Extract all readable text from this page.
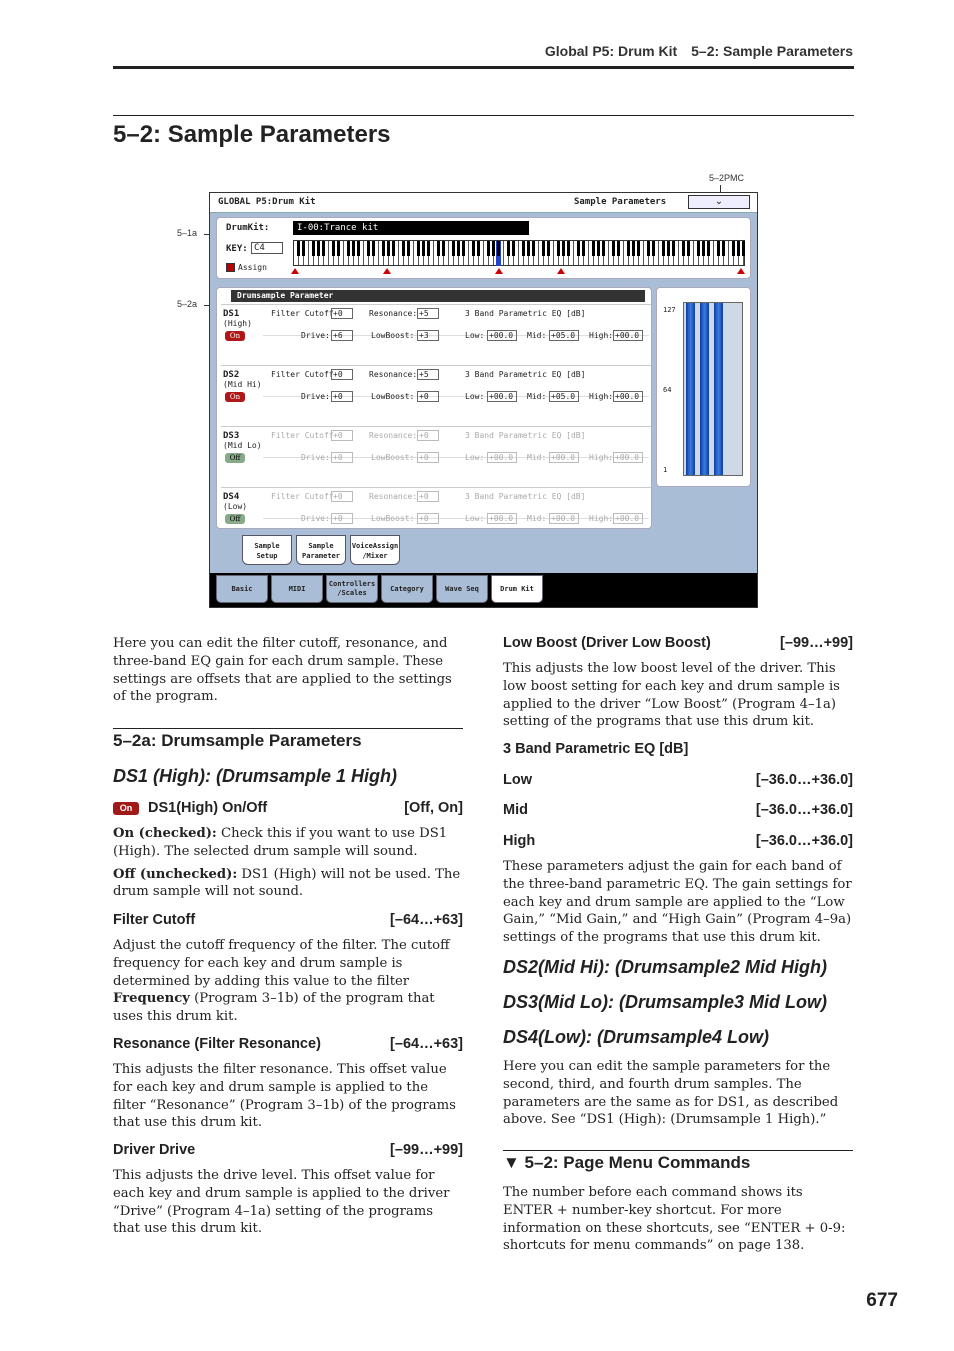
Global P5: Drum Kit 5–2: Sample Parameters
5–2: Sample Parameters
5–2PMC
5–1a
5–2a
GLOBAL P5:Drum Kit	Sample Parameters	⌄
DrumKit:	I-00:Trance kit
KEY: C4
Assign
Drumsample Parameter
DS1
(High)
On
Filter Cutoff +0	Resonance: +5	3 Band Parametric EQ [dB]
Drive: +6	LowBoost: +3	Low: +00.0	Mid: +05.0	High: +00.0
DS2
(Mid Hi)
On
Filter Cutoff +0	Resonance: +5	3 Band Parametric EQ [dB]
Drive: +0	LowBoost: +0	Low: +00.0	Mid: +05.0	High: +00.0
DS3
(Mid Lo)
Off
Filter Cutoff +0	Resonance: +0	3 Band Parametric EQ [dB]
Drive: +0	LowBoost: +0	Low: +00.0	Mid: +00.0	High: +00.0
DS4
(Low)
Off
Filter Cutoff +0	Resonance: +0	3 Band Parametric EQ [dB]
Drive: +0	LowBoost: +0	Low: +00.0	Mid: +00.0	High: +00.0
127
64
1
Sample Setup
Sample Parameter
VoiceAssign /Mixer
Basic	MIDI
Controllers /Scales
Category	Wave Seq	Drum Kit

Here you can edit the filter cutoff, resonance, and three-band EQ gain for each drum sample. These settings are offsets that are applied to the settings of the program.

5–2a: Drumsample Parameters
DS1 (High): (Drumsample 1 High)
On DS1(High) On/Off	[Off, On]

On (checked): Check this if you want to use DS1 (High). The selected drum sample will sound.

Off (unchecked): DS1 (High) will not be used. The drum sample will not sound.

Filter Cutoff	[–64…+63]

Adjust the cutoff frequency of the filter. The cutoff frequency for each key and drum sample is determined by adding this value to the filter Frequency (Program 3–1b) of the program that uses this drum kit.

Resonance (Filter Resonance)	[–64…+63]

This adjusts the filter resonance. This offset value for each key and drum sample is applied to the filter “Resonance” (Program 3–1b) of the programs that use this drum kit.

Driver Drive	[–99…+99]

This adjusts the drive level. This offset value for each key and drum sample is applied to the driver “Drive” (Program 4–1a) setting of the programs that use this drum kit.

Low Boost (Driver Low Boost)	[–99…+99]

This adjusts the low boost level of the driver. This low boost setting for each key and drum sample is applied to the driver “Low Boost” (Program 4–1a) setting of the programs that use this drum kit.

3 Band Parametric EQ [dB]
Low	[–36.0…+36.0]
Mid	[–36.0…+36.0]
High	[–36.0…+36.0]

These parameters adjust the gain for each band of the three-band parametric EQ. The gain settings for each key and drum sample are applied to the “Low Gain,” “Mid Gain,” and “High Gain” (Program 4–9a) settings of the programs that use this drum kit.

DS2(Mid Hi): (Drumsample2 Mid High)
DS3(Mid Lo): (Drumsample3 Mid Low)
DS4(Low): (Drumsample4 Low)

Here you can edit the sample parameters for the second, third, and fourth drum samples. The parameters are the same as for DS1, as described above. See “DS1 (High): (Drumsample 1 High).”

▼ 5–2: Page Menu Commands

The number before each command shows its ENTER + number-key shortcut. For more information on these shortcuts, see “ENTER + 0-9: shortcuts for menu commands” on page 138.

677
